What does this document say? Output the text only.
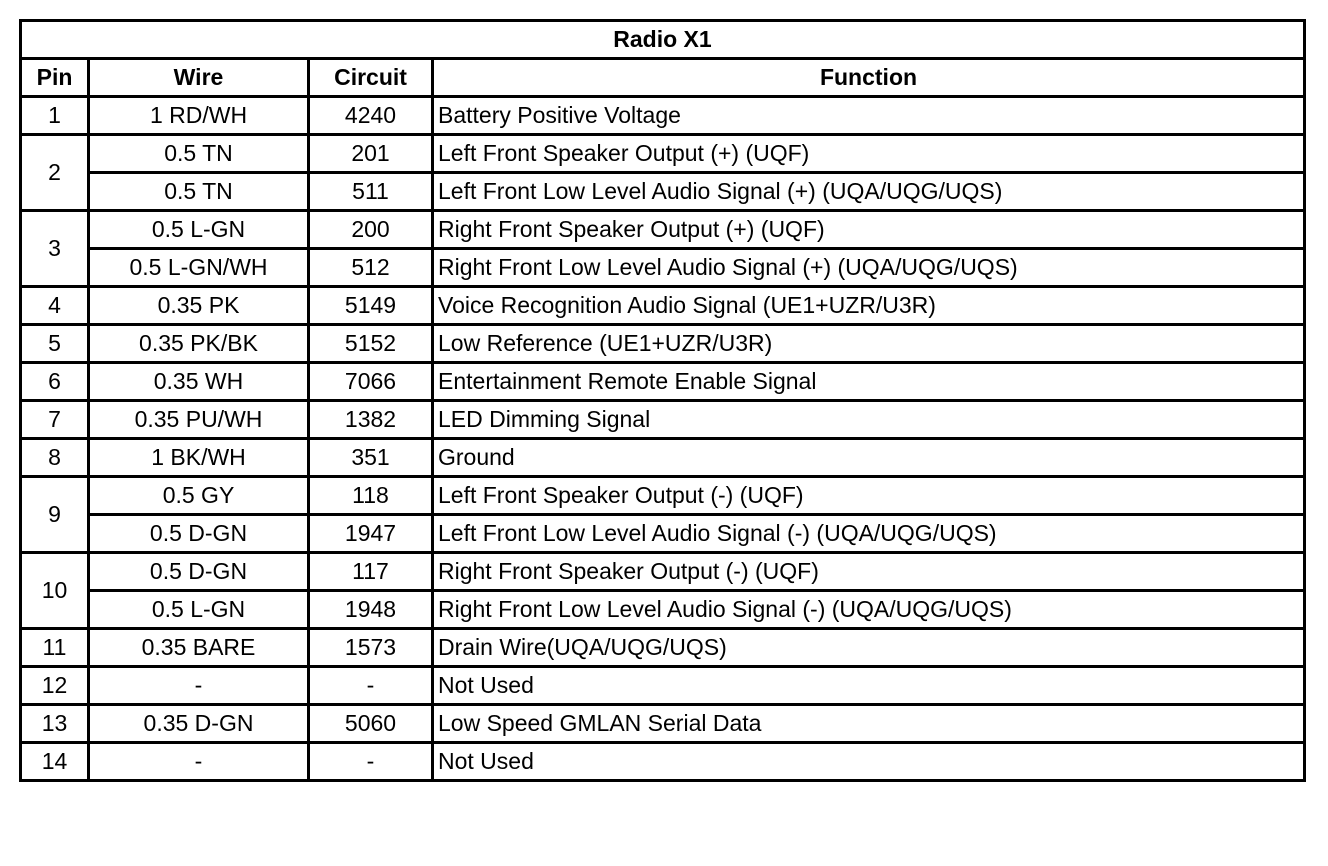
Radio X1			
Pin	Wire	Circuit	Function
1	1 RD/WH	4240	Battery Positive Voltage
2	0.5 TN	201	Left Front Speaker Output (+) (UQF)
	0.5 TN	511	Left Front Low Level Audio Signal (+) (UQA/UQG/UQS)
3	0.5 L-GN	200	Right Front Speaker Output (+) (UQF)
	0.5 L-GN/WH	512	Right Front Low Level Audio Signal (+) (UQA/UQG/UQS)
4	0.35 PK	5149	Voice Recognition Audio Signal (UE1+UZR/U3R)
5	0.35 PK/BK	5152	Low Reference (UE1+UZR/U3R)
6	0.35 WH	7066	Entertainment Remote Enable Signal
7	0.35 PU/WH	1382	LED Dimming Signal
8	1 BK/WH	351	Ground
9	0.5 GY	118	Left Front Speaker Output (-) (UQF)
	0.5 D-GN	1947	Left Front Low Level Audio Signal (-) (UQA/UQG/UQS)
10	0.5 D-GN	117	Right Front Speaker Output (-) (UQF)
	0.5 L-GN	1948	Right Front Low Level Audio Signal (-) (UQA/UQG/UQS)
11	0.35 BARE	1573	Drain Wire(UQA/UQG/UQS)
12	-	-	Not Used
13	0.35 D-GN	5060	Low Speed GMLAN Serial Data
14	-	-	Not Used
